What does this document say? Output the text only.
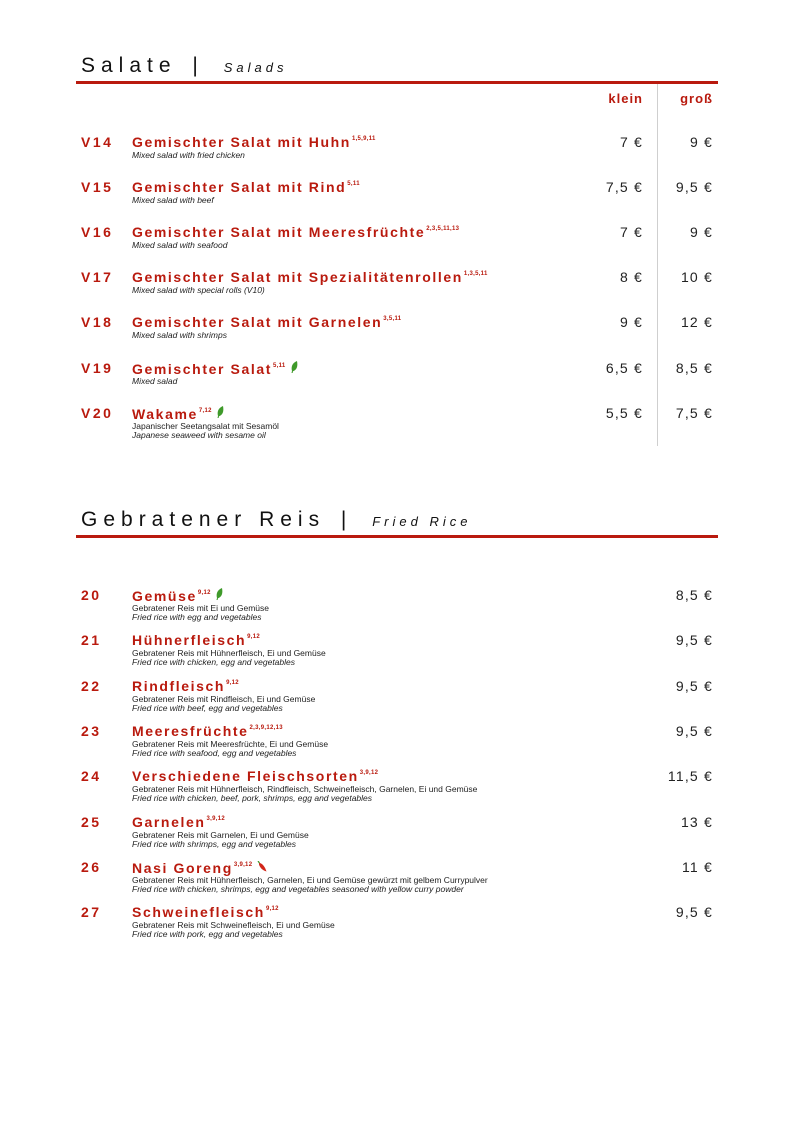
Salate | Salads
klein	groß
V14 Gemischter Salat mit Huhn$^{1,5,9,11}$
Mixed salad with fried chicken
7 €	9 €
V15 Gemischter Salat mit Rind$^{5,11}$
Mixed salad with beef
7,5 € 9,5 €
V16 Gemischter Salat mit Meeresfrüchte$^{2,3,5,11,13}$
Mixed salad with seafood
7 €	9 €
V17 Gemischter Salat mit Spezialitätenrollen$^{1,3,5,11}$
Mixed salad with special rolls (V10)
8 €	10 €
V18 Gemischter Salat mit Garnelen$^{3,5,11}$
Mixed salad with shrimps
9 €	12 €
V19 Gemischter Salat$^{5,11}$
Mixed salad
6,5 € 8,5 €
V20 Wakame$^{7,12}$
Japanischer Seetangsalat mit Sesamöl
Japanese seaweed with sesame oil
5,5 € 7,5 €
Gebratener Reis | Fried Rice
20 Gemüse$^{9,12}$
Gebratener Reis mit Ei und Gemüse
Fried rice with egg and vegetables
8,5 €
21 Hühnerfleisch$^{9,12}$
Gebratener Reis mit Hühnerfleisch, Ei und Gemüse
Fried rice with chicken, egg and vegetables
9,5 €
22 Rindfleisch$^{9,12}$
Gebratener Reis mit Rindfleisch, Ei und Gemüse
Fried rice with beef, egg and vegetables
9,5 €
23 Meeresfrüchte$^{2,3,9,12,13}$
Gebratener Reis mit Meeresfrüchte, Ei und Gemüse
Fried rice with seafood, egg and vegetables
9,5 €
24 Verschiedene Fleischsorten$^{3,9,12}$
Gebratener Reis mit Hühnerfleisch, Rindfleisch, Schweinefleisch, Garnelen, Ei und Gemüse
Fried rice with chicken, beef, pork, shrimps, egg and vegetables
11,5 €
25 Garnelen$^{3,9,12}$
Gebratener Reis mit Garnelen, Ei und Gemüse
Fried rice with shrimps, egg and vegetables
13 €
26 Nasi Goreng$^{3,9,12}$
Gebratener Reis mit Hühnerfleisch, Garnelen, Ei und Gemüse gewürzt mit gelbem Currypulver
Fried rice with chicken, shrimps, egg and vegetables seasoned with yellow curry powder
11 €
27 Schweinefleisch$^{9,12}$
Gebratener Reis mit Schweinefleisch, Ei und Gemüse
Fried rice with pork, egg and vegetables
9,5 €
